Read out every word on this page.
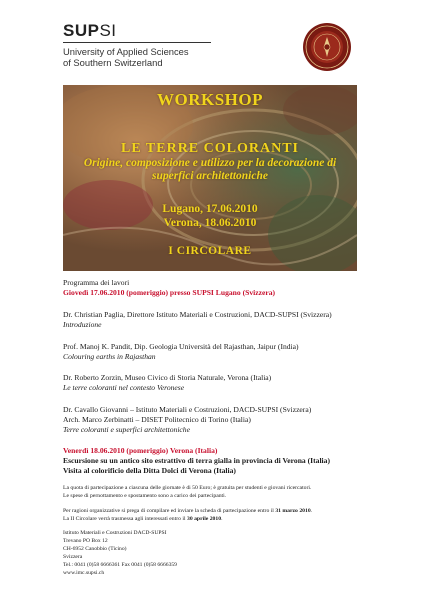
SUPSI
University of Applied Sciences
of Southern Switzerland
WORKSHOP
LE TERRE COLORANTI
Origine, composizione e utilizzo per la decorazione di
superfici architettoniche
Lugano, 17.06.2010
Verona, 18.06.2010
I CIRCOLARE
Programma dei lavori
Giovedì 17.06.2010 (pomeriggio) presso SUPSI Lugano (Svizzera)
Dr. Christian Paglia, Direttore Istituto Materiali e Costruzioni, DACD-SUPSI (Svizzera)
Introduzione
Prof. Manoj K. Pandit, Dip. Geologia Università del Rajasthan, Jaipur (India)
Colouring earths in Rajasthan
Dr. Roberto Zorzin, Museo Civico di Storia Naturale, Verona (Italia)
Le terre coloranti nel contesto Veronese
Dr. Cavallo Giovanni – Istituto Materiali e Costruzioni, DACD-SUPSI (Svizzera)
Arch. Marco Zerbinatti – DISET Politecnico di Torino (Italia)
Terre coloranti e superfici architettoniche
Venerdì 18.06.2010 (pomeriggio) Verona (Italia)
Escursione su un antico sito estrattivo di terra gialla in provincia di Verona (Italia)
Visita al colorificio della Ditta Dolci di Verona (Italia)
La quota di partecipazione a ciascuna delle giornate è di 50 Euro; è gratuita per studenti e giovani ricercatori.
Le spese di pernottamento e spostamento sono a carico dei partecipanti.
Per ragioni organizzative si prega di compilare ed inviare la scheda di partecipazione entro il 31 marzo 2010.
La II Circolare verrà trasmessa agli interessati entro il 30 aprile 2010.
Istituto Materiali e Costruzioni DACD-SUPSI
Trevano PO Box 12
CH-6952 Canobbio (Ticino)
Svizzera
Tel.: 0041 (0)58 6666361 Fax 0041 (0)58 6666359
www.imc.supsi.ch
